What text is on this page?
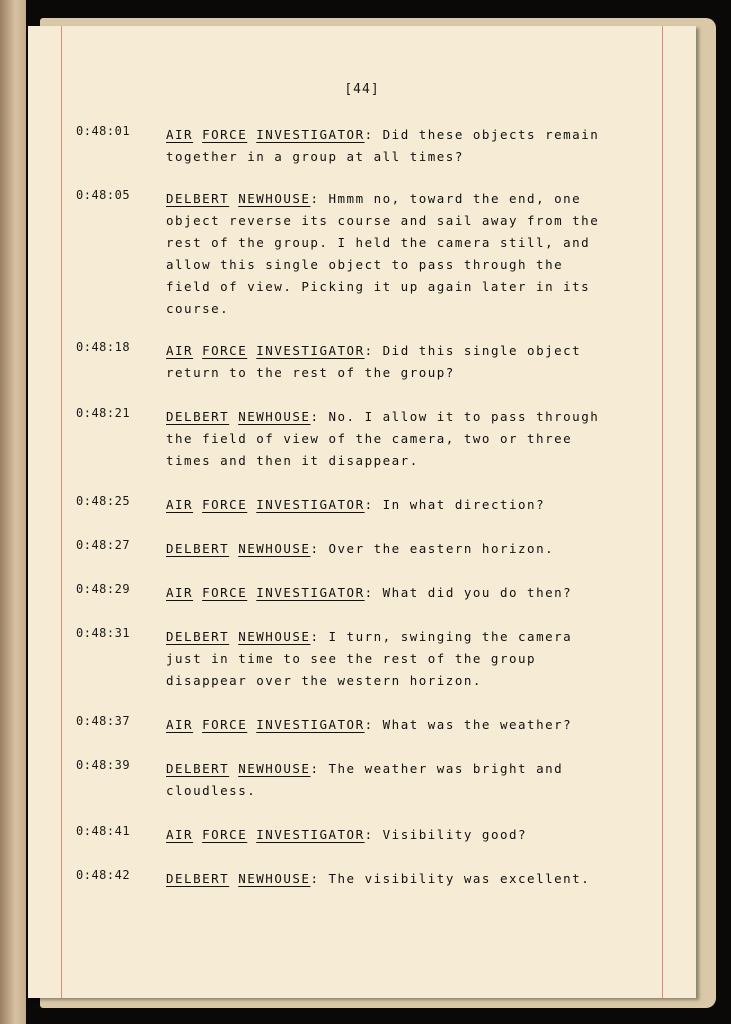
[44]
0:48:01	AIR FORCE INVESTIGATOR: Did these objects remain together in a group at all times?
0:48:05	DELBERT NEWHOUSE: Hmmm no, toward the end, one object reverse its course and sail away from the rest of the group. I held the camera still, and allow this single object to pass through the field of view. Picking it up again later in its course.
0:48:18	AIR FORCE INVESTIGATOR: Did this single object return to the rest of the group?
0:48:21	DELBERT NEWHOUSE: No. I allow it to pass through the field of view of the camera, two or three times and then it disappear.
0:48:25	AIR FORCE INVESTIGATOR: In what direction?
0:48:27	DELBERT NEWHOUSE: Over the eastern horizon.
0:48:29	AIR FORCE INVESTIGATOR: What did you do then?
0:48:31	DELBERT NEWHOUSE: I turn, swinging the camera just in time to see the rest of the group disappear over the western horizon.
0:48:37	AIR FORCE INVESTIGATOR: What was the weather?
0:48:39	DELBERT NEWHOUSE: The weather was bright and cloudless.
0:48:41	AIR FORCE INVESTIGATOR: Visibility good?
0:48:42	DELBERT NEWHOUSE: The visibility was excellent.
